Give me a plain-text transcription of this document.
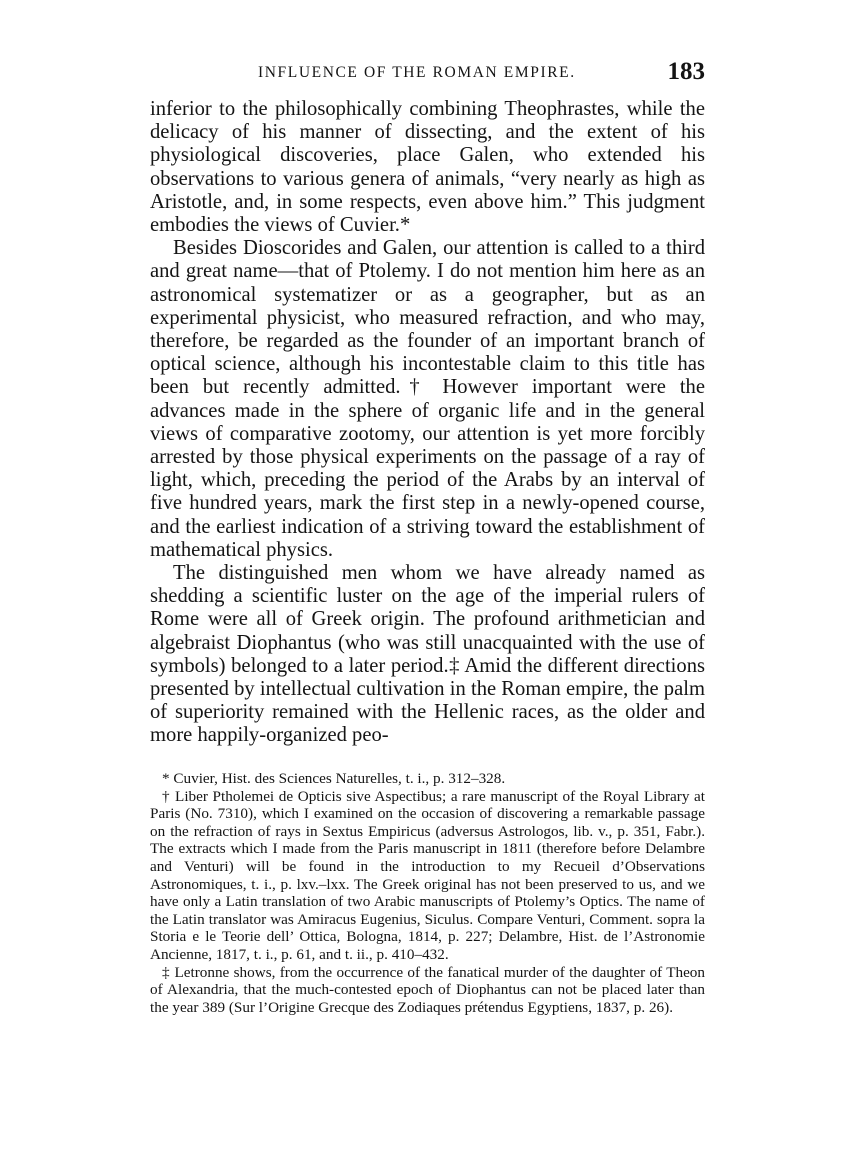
INFLUENCE OF THE ROMAN EMPIRE.	183

inferior to the philosophically combining Theophrastes, while the delicacy of his manner of dissecting, and the extent of his physiological discoveries, place Galen, who extended his observations to various genera of animals, “very nearly as high as Aristotle, and, in some respects, even above him.” This judgment embodies the views of Cuvier.*

Besides Dioscorides and Galen, our attention is called to a third and great name—that of Ptolemy. I do not mention him here as an astronomical systematizer or as a geographer, but as an experimental physicist, who measured refraction, and who may, therefore, be regarded as the founder of an important branch of optical science, although his incontestable claim to this title has been but recently admitted.† However important were the advances made in the sphere of organic life and in the general views of comparative zootomy, our attention is yet more forcibly arrested by those physical experiments on the passage of a ray of light, which, preceding the period of the Arabs by an interval of five hundred years, mark the first step in a newly-opened course, and the earliest indication of a striving toward the establishment of mathematical physics.

The distinguished men whom we have already named as shedding a scientific luster on the age of the imperial rulers of Rome were all of Greek origin. The profound arithmetician and algebraist Diophantus (who was still unacquainted with the use of symbols) belonged to a later period.‡ Amid the different directions presented by intellectual cultivation in the Roman empire, the palm of superiority remained with the Hellenic races, as the older and more happily-organized peo-

* Cuvier, Hist. des Sciences Naturelles, t. i., p. 312–328.

† Liber Ptholemei de Opticis sive Aspectibus; a rare manuscript of the Royal Library at Paris (No. 7310), which I examined on the occasion of discovering a remarkable passage on the refraction of rays in Sextus Empiricus (adversus Astrologos, lib. v., p. 351, Fabr.). The extracts which I made from the Paris manuscript in 1811 (therefore before Delambre and Venturi) will be found in the introduction to my Recueil d’Observations Astronomiques, t. i., p. lxv.–lxx. The Greek original has not been preserved to us, and we have only a Latin translation of two Arabic manuscripts of Ptolemy’s Optics. The name of the Latin translator was Amiracus Eugenius, Siculus. Compare Venturi, Comment. sopra la Storia e le Teorie dell’ Ottica, Bologna, 1814, p. 227; Delambre, Hist. de l’Astronomie Ancienne, 1817, t. i., p. 61, and t. ii., p. 410–432.

‡ Letronne shows, from the occurrence of the fanatical murder of the daughter of Theon of Alexandria, that the much-contested epoch of Diophantus can not be placed later than the year 389 (Sur l’Origine Grecque des Zodiaques prétendus Egyptiens, 1837, p. 26).
